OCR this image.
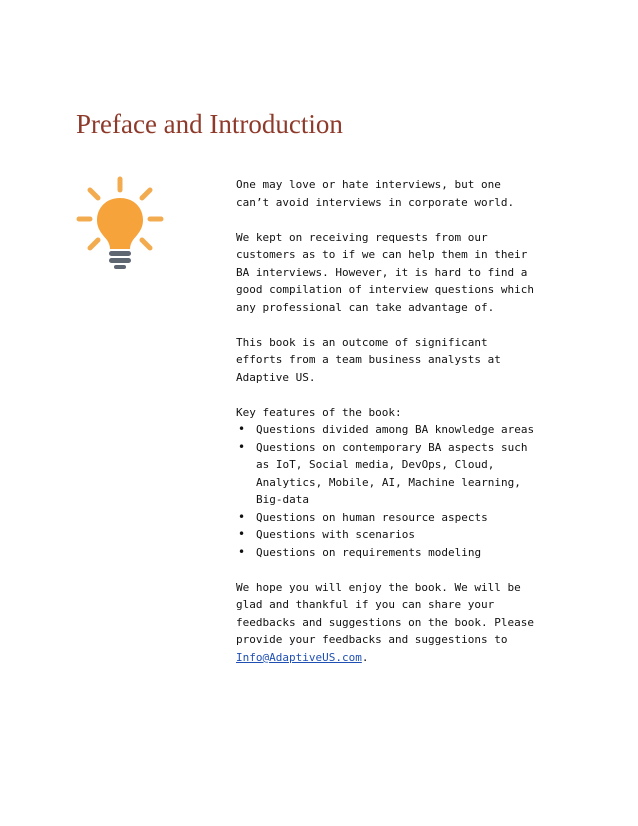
Preface and Introduction

One may love or hate interviews, but one can’t avoid interviews in corporate world.

We kept on receiving requests from our customers as to if we can help them in their BA interviews. However, it is hard to find a good compilation of interview questions which any professional can take advantage of.

This book is an outcome of significant efforts from a team business analysts at Adaptive US.

Key features of the book:
• Questions divided among BA knowledge areas
• Questions on contemporary BA aspects such as IoT, Social media, DevOps, Cloud, Analytics, Mobile, AI, Machine learning, Big-data
• Questions on human resource aspects
• Questions with scenarios
• Questions on requirements modeling

We hope you will enjoy the book. We will be glad and thankful if you can share your feedbacks and suggestions on the book. Please provide your feedbacks and suggestions to Info@AdaptiveUS.com.
